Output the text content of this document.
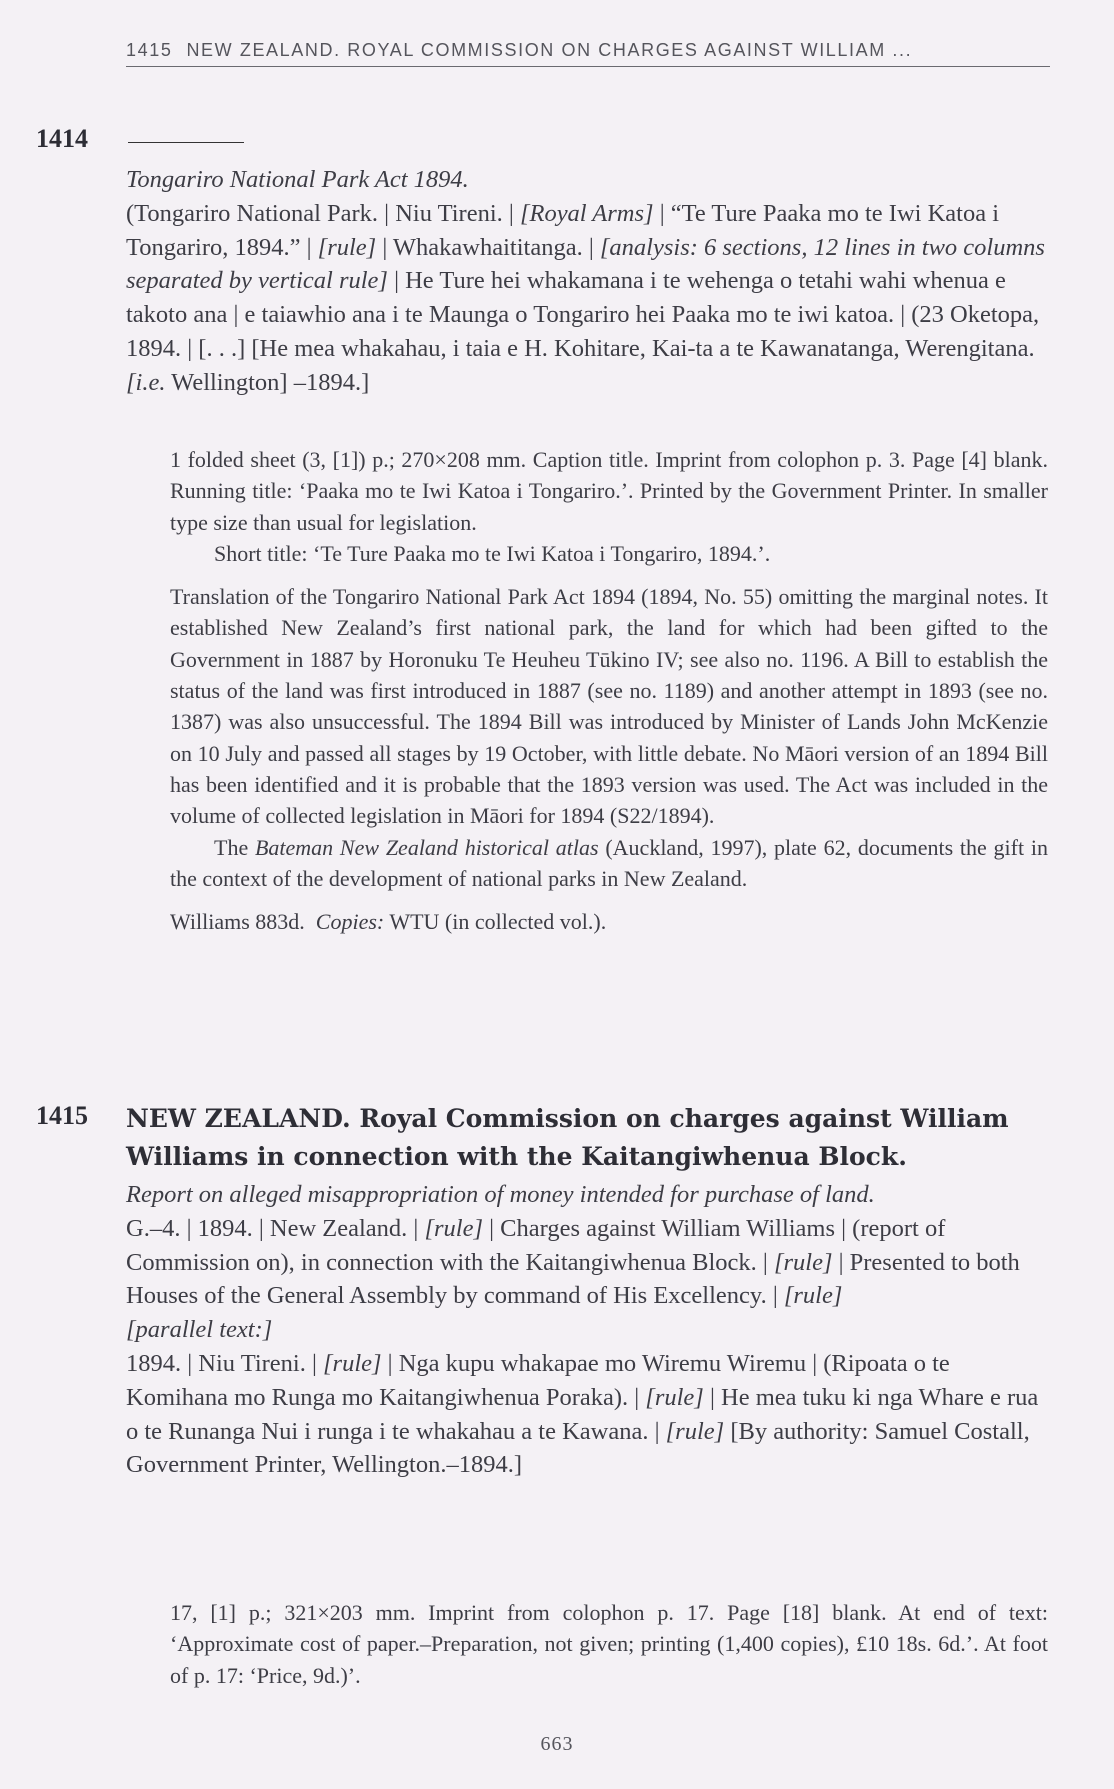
1415 NEW ZEALAND. ROYAL COMMISSION ON CHARGES AGAINST WILLIAM ...
1414

Tongariro National Park Act 1894.

(Tongariro National Park. | Niu Tireni. | [Royal Arms] | “Te Ture Paaka mo te Iwi Katoa i Tongariro, 1894.” | [rule] | Whakawhaititanga. | [analysis: 6 sections, 12 lines in two columns separated by vertical rule] | He Ture hei whakamana i te wehenga o tetahi wahi whenua e takoto ana | e taiawhio ana i te Maunga o Tongariro hei Paaka mo te iwi katoa. | (23 Oketopa, 1894. | [. . .] [He mea whakahau, i taia e H. Kohitare, Kai-ta a te Kawanatanga, Werengitana. [i.e. Wellington] –1894.]

1 folded sheet (3, [1]) p.; 270×208 mm. Caption title. Imprint from colophon p. 3. Page [4] blank. Running title: ‘Paaka mo te Iwi Katoa i Tongariro.’. Printed by the Government Printer. In smaller type size than usual for legislation.

Short title: ‘Te Ture Paaka mo te Iwi Katoa i Tongariro, 1894.’.

Translation of the Tongariro National Park Act 1894 (1894, No. 55) omitting the marginal notes. It established New Zealand’s first national park, the land for which had been gifted to the Government in 1887 by Horonuku Te Heuheu Tūkino IV; see also no. 1196. A Bill to establish the status of the land was first introduced in 1887 (see no. 1189) and another attempt in 1893 (see no. 1387) was also unsuccessful. The 1894 Bill was introduced by Minister of Lands John McKenzie on 10 July and passed all stages by 19 October, with little debate. No Māori version of an 1894 Bill has been identified and it is probable that the 1893 version was used. The Act was included in the volume of collected legislation in Māori for 1894 (S22/1894).

The Bateman New Zealand historical atlas (Auckland, 1997), plate 62, documents the gift in the context of the development of national parks in New Zealand.

Williams 883d. Copies: WTU (in collected vol.).

1415 NEW ZEALAND. Royal Commission on charges against William Williams in connection with the Kaitangiwhenua Block.

Report on alleged misappropriation of money intended for purchase of land.

G.–4. | 1894. | New Zealand. | [rule] | Charges against William Williams | (report of Commission on), in connection with the Kaitangiwhenua Block. | [rule] | Presented to both Houses of the General Assembly by command of His Excellency. | [rule]

[parallel text:]

1894. | Niu Tireni. | [rule] | Nga kupu whakapae mo Wiremu Wiremu | (Ripoata o te Komihana mo Runga mo Kaitangiwhenua Poraka). | [rule] | He mea tuku ki nga Whare e rua o te Runanga Nui i runga i te whakahau a te Kawana. | [rule] [By authority: Samuel Costall, Government Printer, Wellington.–1894.]

17, [1] p.; 321×203 mm. Imprint from colophon p. 17. Page [18] blank. At end of text: ‘Approximate cost of paper.–Preparation, not given; printing (1,400 copies), £10 18s. 6d.’. At foot of p. 17: ‘Price, 9d.)’.

663
